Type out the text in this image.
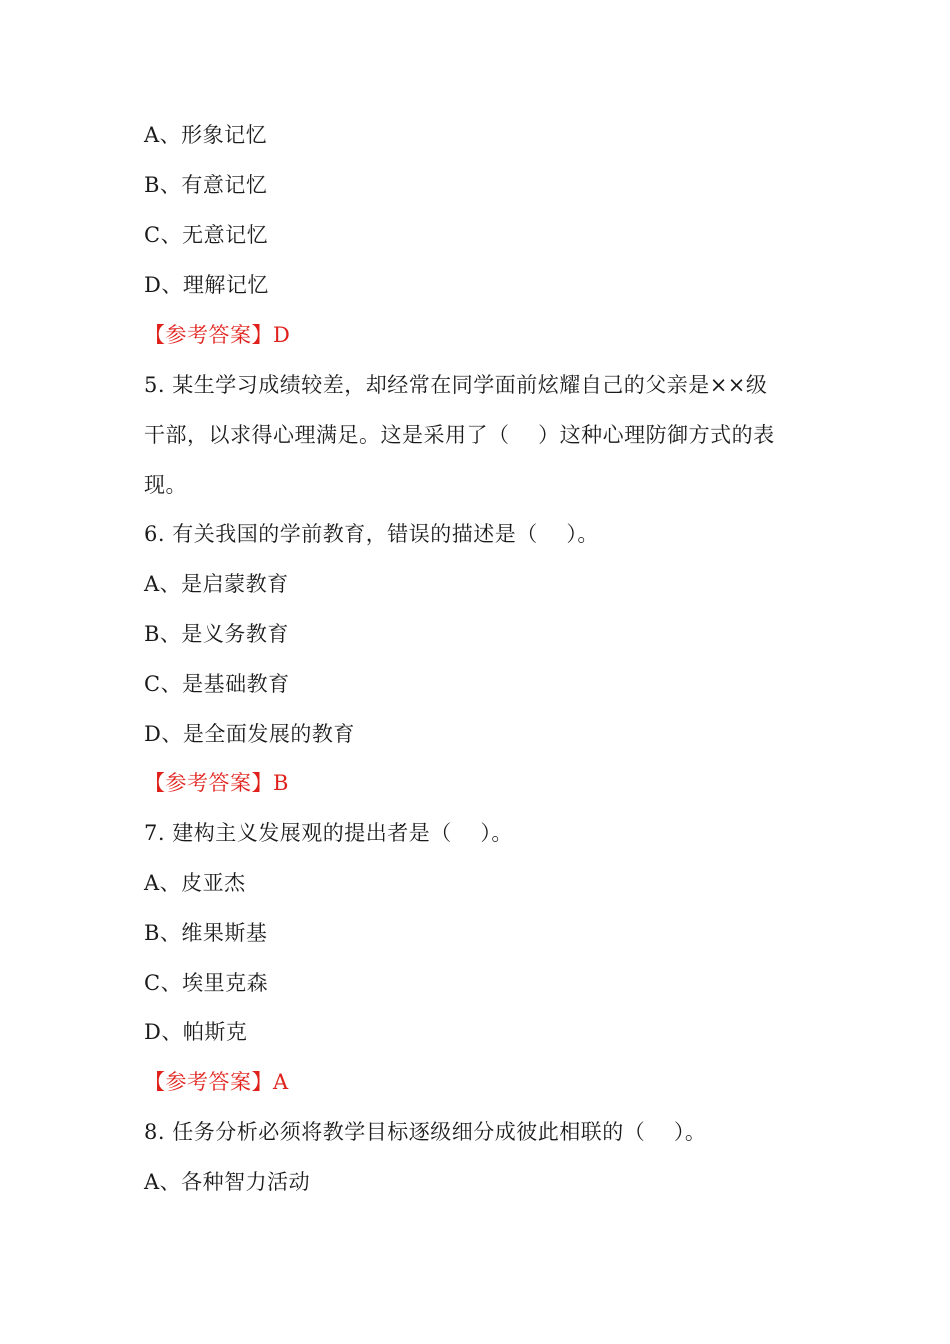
A、形象记忆
B、有意记忆
C、无意记忆
D、理解记忆
【参考答案】D
5. 某生学习成绩较差，却经常在同学面前炫耀自己的父亲是××级
干部，以求得心理满足。这是采用了（　 ）这种心理防御方式的表
现。
6. 有关我国的学前教育，错误的描述是（　 ）。
A、是启蒙教育
B、是义务教育
C、是基础教育
D、是全面发展的教育
【参考答案】B
7. 建构主义发展观的提出者是（　 ）。
A、皮亚杰
B、维果斯基
C、埃里克森
D、帕斯克
【参考答案】A
8. 任务分析必须将教学目标逐级细分成彼此相联的（　 ）。
A、各种智力活动
